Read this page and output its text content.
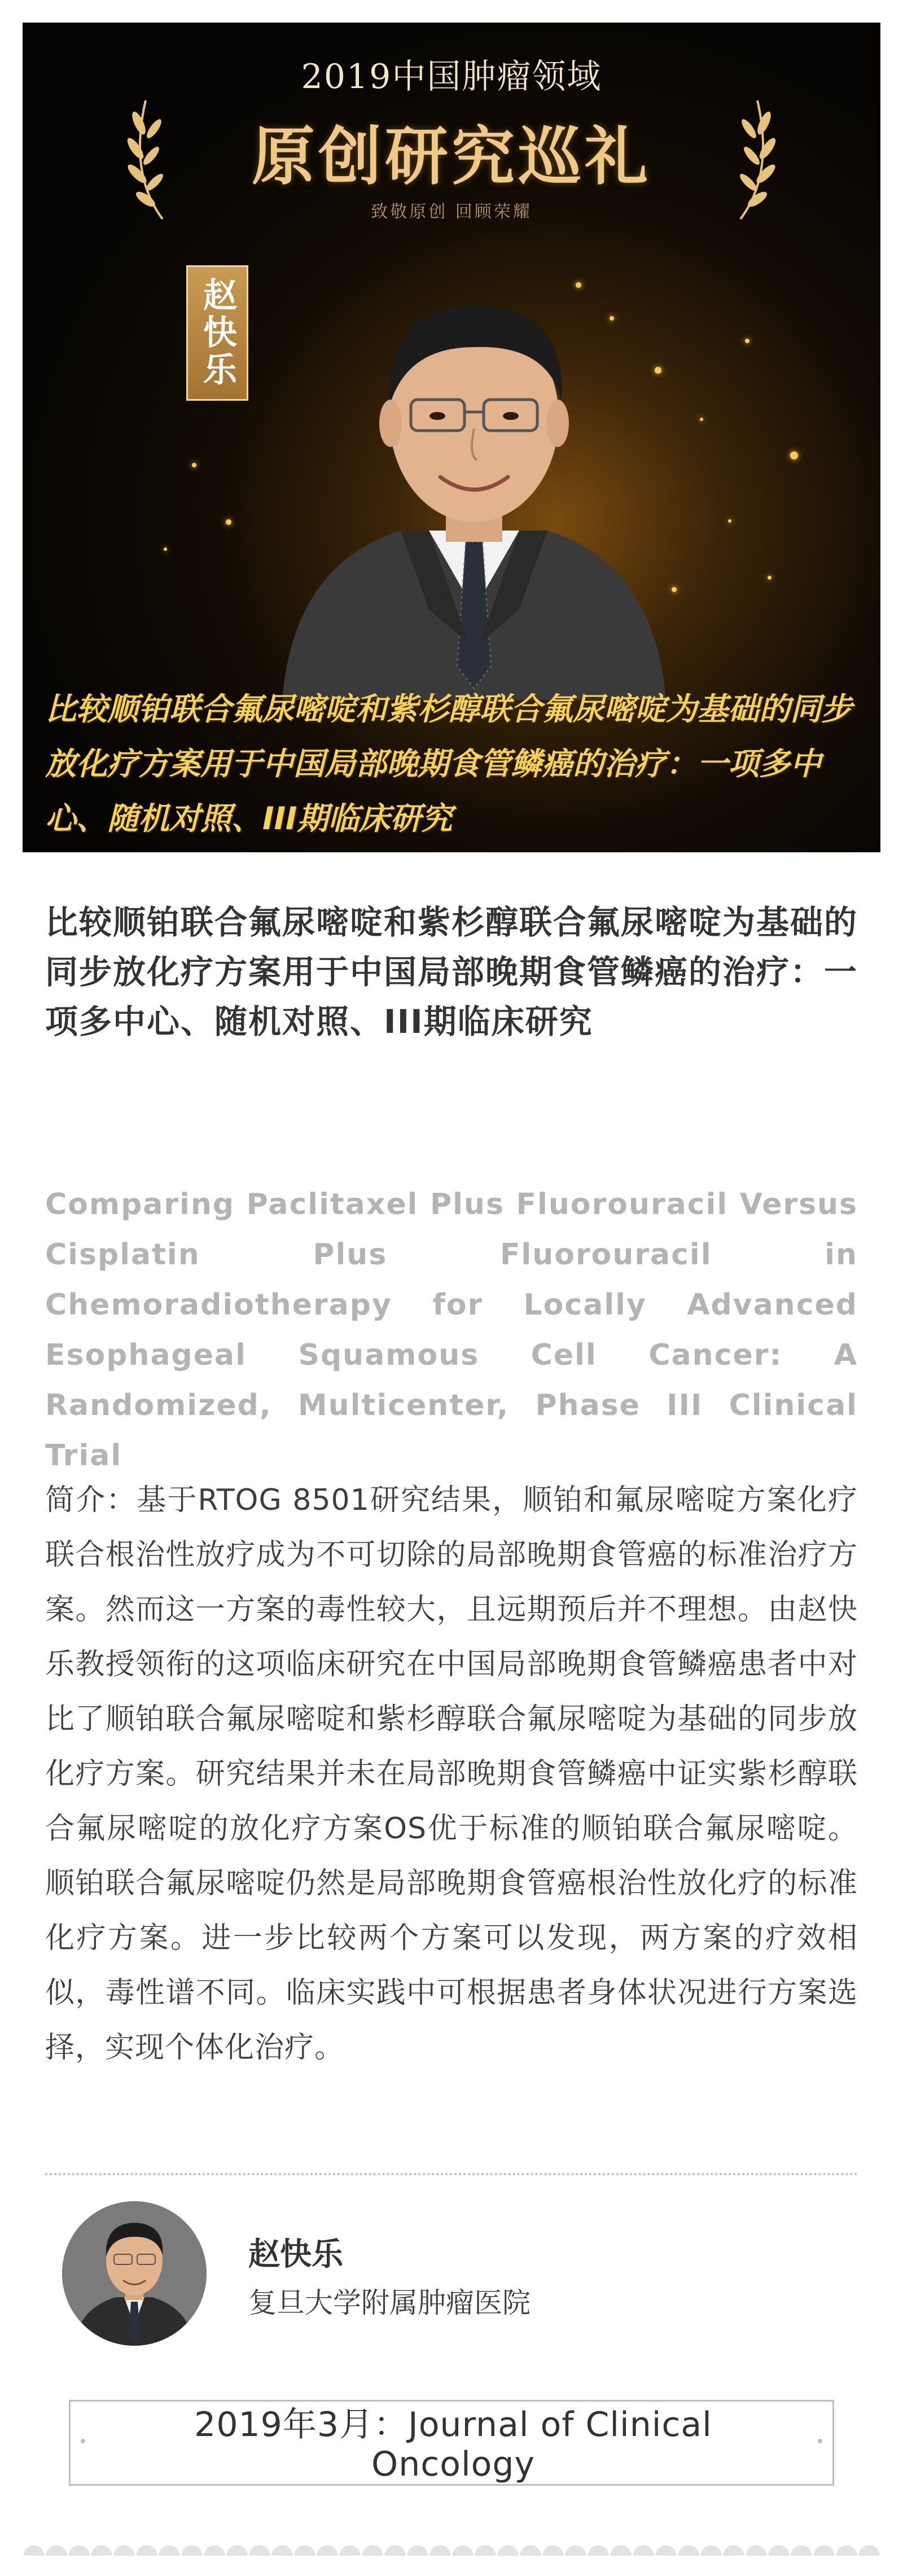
2019中国肿瘤领域
原创研究巡礼
致敬原创 回顾荣耀
赵快乐
比较顺铂联合氟尿嘧啶和紫杉醇联合氟尿嘧啶为基础的同步放化疗方案用于中国局部晚期食管鳞癌的治疗：一项多中心、随机对照、III期临床研究
比较顺铂联合氟尿嘧啶和紫杉醇联合氟尿嘧啶为基础的同步放化疗方案用于中国局部晚期食管鳞癌的治疗：一项多中心、随机对照、III期临床研究
Comparing Paclitaxel Plus Fluorouracil Versus Cisplatin Plus Fluorouracil in Chemoradiotherapy for Locally Advanced Esophageal Squamous Cell Cancer: A Randomized, Multicenter, Phase III Clinical Trial
简介：基于RTOG 8501研究结果，顺铂和氟尿嘧啶方案化疗联合根治性放疗成为不可切除的局部晚期食管癌的标准治疗方案。然而这一方案的毒性较大，且远期预后并不理想。由赵快乐教授领衔的这项临床研究在中国局部晚期食管鳞癌患者中对比了顺铂联合氟尿嘧啶和紫杉醇联合氟尿嘧啶为基础的同步放化疗方案。研究结果并未在局部晚期食管鳞癌中证实紫杉醇联合氟尿嘧啶的放化疗方案OS优于标准的顺铂联合氟尿嘧啶。顺铂联合氟尿嘧啶仍然是局部晚期食管癌根治性放化疗的标准化疗方案。进一步比较两个方案可以发现，两方案的疗效相似，毒性谱不同。临床实践中可根据患者身体状况进行方案选择，实现个体化治疗。
赵快乐
复旦大学附属肿瘤医院
2019年3月：Journal of Clinical Oncology
